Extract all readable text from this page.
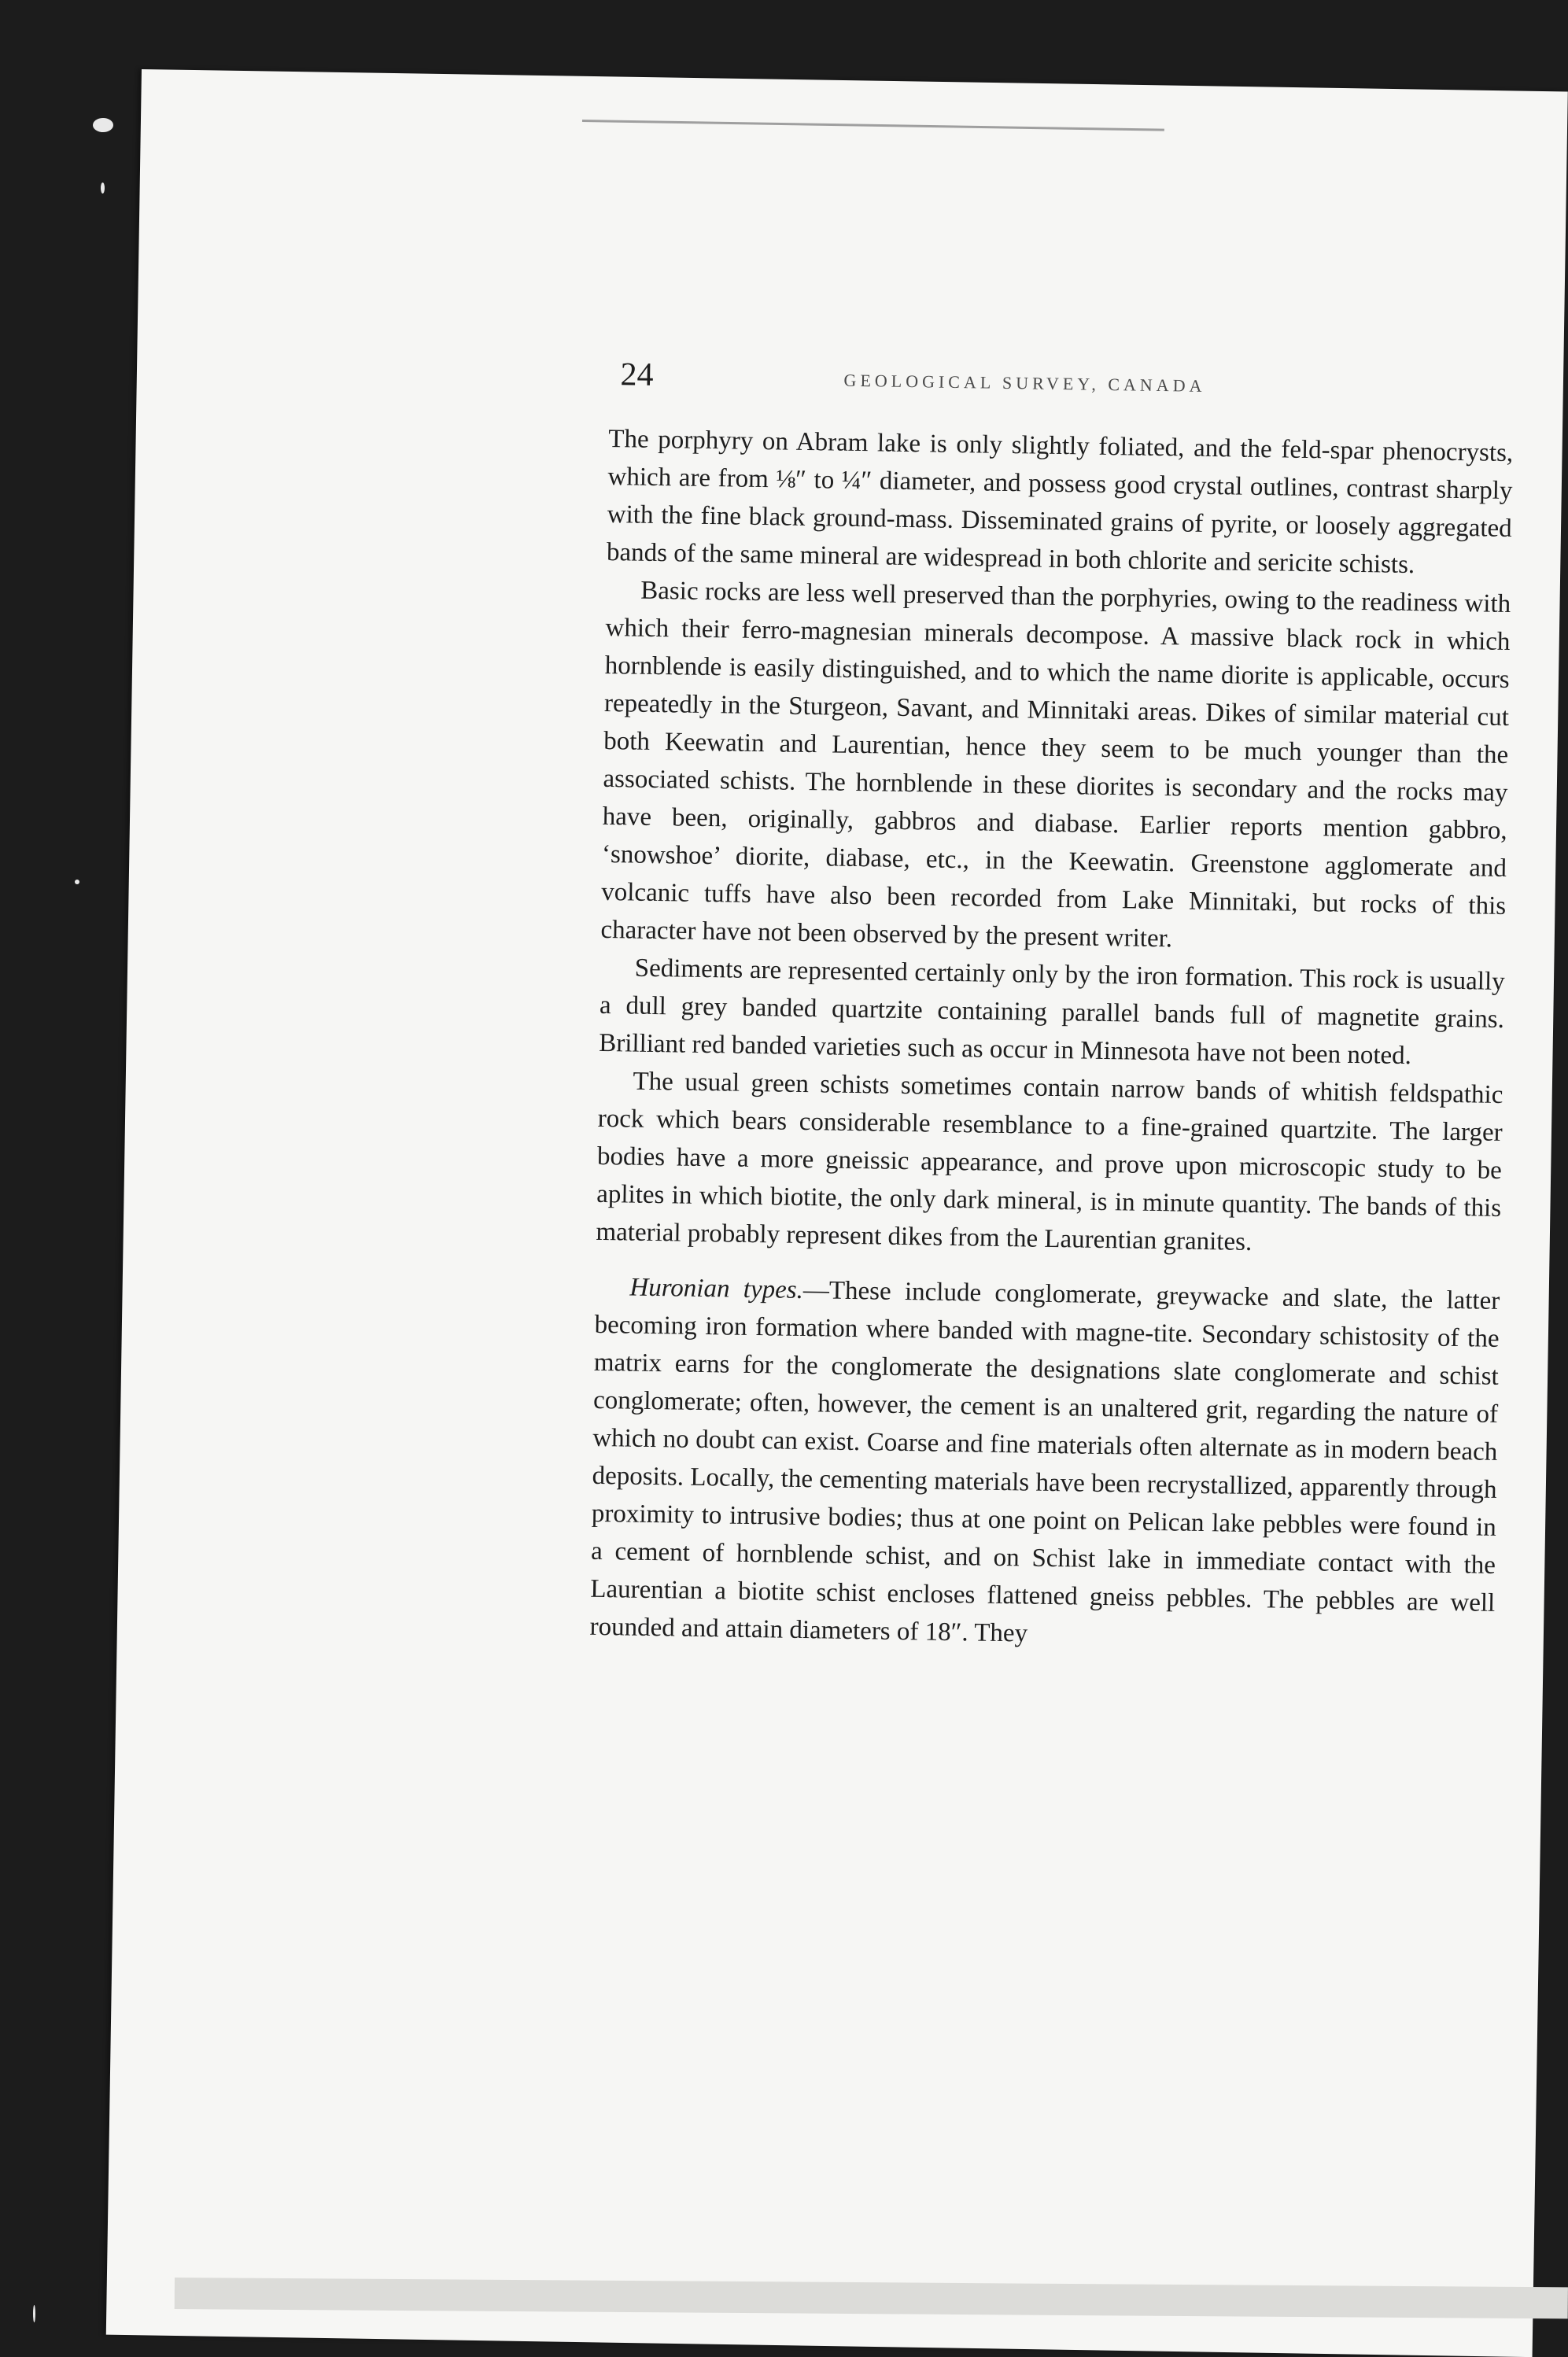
24	GEOLOGICAL SURVEY, CANADA

The porphyry on Abram lake is only slightly foliated, and the feld-spar phenocrysts, which are from ⅛″ to ¼″ diameter, and possess good crystal outlines, contrast sharply with the fine black ground-mass. Disseminated grains of pyrite, or loosely aggregated bands of the same mineral are widespread in both chlorite and sericite schists.

Basic rocks are less well preserved than the porphyries, owing to the readiness with which their ferro-magnesian minerals decompose. A massive black rock in which hornblende is easily distinguished, and to which the name diorite is applicable, occurs repeatedly in the Sturgeon, Savant, and Minnitaki areas. Dikes of similar material cut both Keewatin and Laurentian, hence they seem to be much younger than the associated schists. The hornblende in these diorites is secondary and the rocks may have been, originally, gabbros and diabase. Earlier reports mention gabbro, ‘snowshoe’ diorite, diabase, etc., in the Keewatin. Greenstone agglomerate and volcanic tuffs have also been recorded from Lake Minnitaki, but rocks of this character have not been observed by the present writer.

Sediments are represented certainly only by the iron formation. This rock is usually a dull grey banded quartzite containing parallel bands full of magnetite grains. Brilliant red banded varieties such as occur in Minnesota have not been noted.

The usual green schists sometimes contain narrow bands of whitish feldspathic rock which bears considerable resemblance to a fine-grained quartzite. The larger bodies have a more gneissic appearance, and prove upon microscopic study to be aplites in which biotite, the only dark mineral, is in minute quantity. The bands of this material probably represent dikes from the Laurentian granites.

Huronian types.—These include conglomerate, greywacke and slate, the latter becoming iron formation where banded with magne-tite. Secondary schistosity of the matrix earns for the conglomerate the designations slate conglomerate and schist conglomerate; often, however, the cement is an unaltered grit, regarding the nature of which no doubt can exist. Coarse and fine materials often alternate as in modern beach deposits. Locally, the cementing materials have been recrystallized, apparently through proximity to intrusive bodies; thus at one point on Pelican lake pebbles were found in a cement of hornblende schist, and on Schist lake in immediate contact with the Laurentian a biotite schist encloses flattened gneiss pebbles. The pebbles are well rounded and attain diameters of 18″. They
